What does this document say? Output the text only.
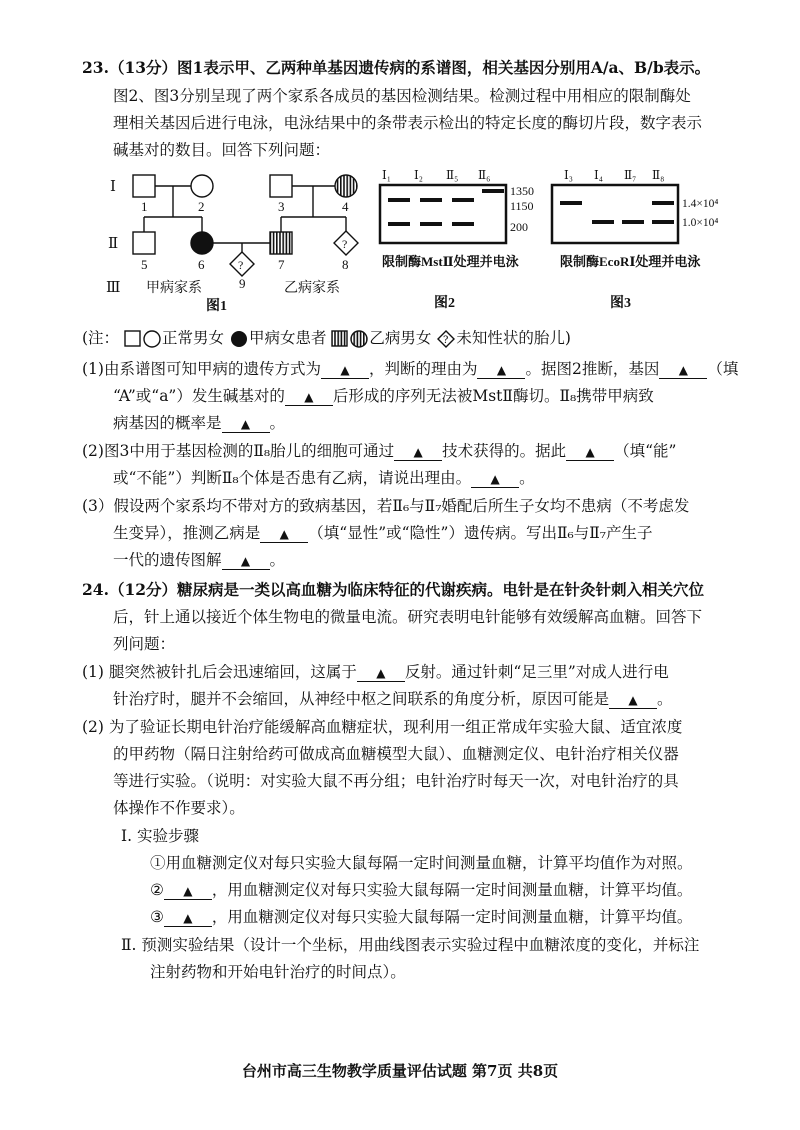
23.（13分）图1表示甲、乙两种单基因遗传病的系谱图，相关基因分别用A/a、B/b表示。
图2、图3分别呈现了两个家系各成员的基因检测结果。检测过程中用相应的限制酶处
理相关基因后进行电泳，电泳结果中的条带表示检出的特定长度的酶切片段，数字表示
碱基对的数目。回答下列问题：
Ⅰ
Ⅱ
Ⅲ
1	2	3	4
5	6	7	8
9
?
?
甲病家系	乙病家系
图1
Ⅰ₁ Ⅰ₂ Ⅱ₅ Ⅱ₆
1350
1150
200
限制酶MstⅡ处理并电泳
图2
Ⅰ₃ Ⅰ₄ Ⅱ₇ Ⅱ₈
1.4×10⁴
1.0×10⁴
限制酶EcoRⅠ处理并电泳
图3
(注：	正常男女 甲病女患者	乙病男女 ? 未知性状的胎儿)
(1)由系谱图可知甲病的遗传方式为 ▲ ，判断的理由为 ▲ 。据图2推断，基因 ▲ （填
“A”或“a”）发生碱基对的 ▲ 后形成的序列无法被MstⅡ酶切。Ⅱ₈携带甲病致
病基因的概率是 ▲ 。
(2)图3中用于基因检测的Ⅱ₈胎儿的细胞可通过 ▲ 技术获得的。据此 ▲ （填“能”
或“不能”）判断Ⅱ₈个体是否患有乙病，请说出理由。 ▲ 。
(3）假设两个家系均不带对方的致病基因，若Ⅱ₆与Ⅱ₇婚配后所生子女均不患病（不考虑发
生变异），推测乙病是 ▲ （填“显性”或“隐性”）遗传病。写出Ⅱ₆与Ⅱ₇产生子
一代的遗传图解 ▲ 。
24.（12分）糖尿病是一类以高血糖为临床特征的代谢疾病。电针是在针灸针刺入相关穴位
后，针上通以接近个体生物电的微量电流。研究表明电针能够有效缓解高血糖。回答下
列问题：
(1) 腿突然被针扎后会迅速缩回，这属于 ▲ 反射。通过针刺“足三里”对成人进行电
针治疗时，腿并不会缩回，从神经中枢之间联系的角度分析，原因可能是 ▲ 。
(2) 为了验证长期电针治疗能缓解高血糖症状，现利用一组正常成年实验大鼠、适宜浓度
的甲药物（隔日注射给药可做成高血糖模型大鼠）、血糖测定仪、电针治疗相关仪器
等进行实验。（说明：对实验大鼠不再分组；电针治疗时每天一次，对电针治疗的具
体操作不作要求）。
Ⅰ. 实验步骤
①用血糖测定仪对每只实验大鼠每隔一定时间测量血糖，计算平均值作为对照。
② ▲ ，用血糖测定仪对每只实验大鼠每隔一定时间测量血糖，计算平均值。
③ ▲ ，用血糖测定仪对每只实验大鼠每隔一定时间测量血糖，计算平均值。
Ⅱ. 预测实验结果（设计一个坐标，用曲线图表示实验过程中血糖浓度的变化，并标注
注射药物和开始电针治疗的时间点）。
台州市高三生物教学质量评估试题 第7页 共8页
